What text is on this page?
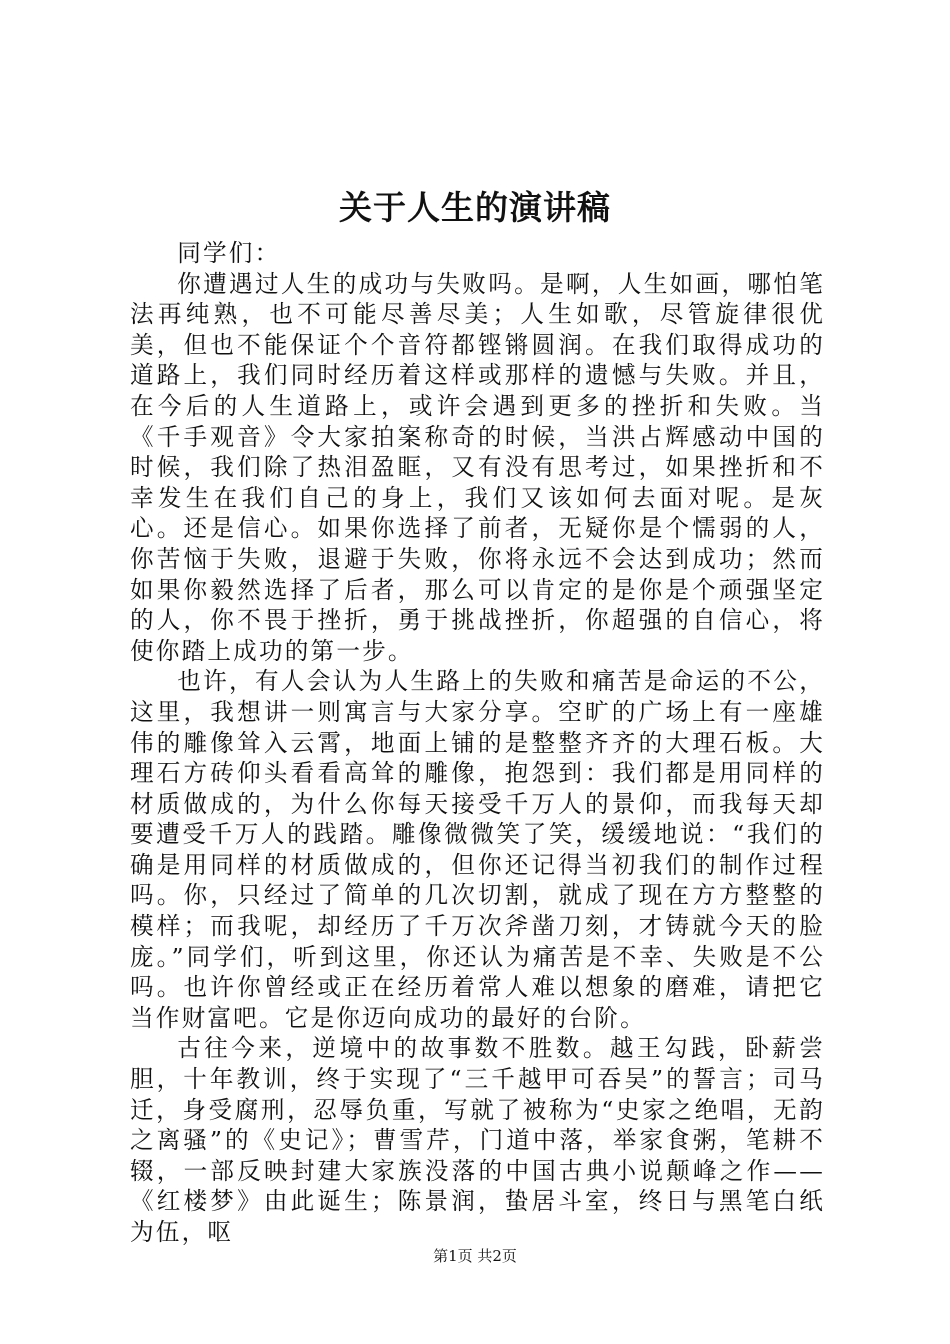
关于人生的演讲稿

同学们：

你遭遇过人生的成功与失败吗。是啊，人生如画，哪怕笔法再纯熟，也不可能尽善尽美；人生如歌，尽管旋律很优美，但也不能保证个个音符都铿锵圆润。在我们取得成功的道路上，我们同时经历着这样或那样的遗憾与失败。并且，在今后的人生道路上，或许会遇到更多的挫折和失败。当《千手观音》令大家拍案称奇的时候，当洪占辉感动中国的时候，我们除了热泪盈眶，又有没有思考过，如果挫折和不幸发生在我们自己的身上，我们又该如何去面对呢。是灰心。还是信心。如果你选择了前者，无疑你是个懦弱的人，你苦恼于失败，退避于失败，你将永远不会达到成功；然而如果你毅然选择了后者，那么可以肯定的是你是个顽强坚定的人，你不畏于挫折，勇于挑战挫折，你超强的自信心，将使你踏上成功的第一步。

也许，有人会认为人生路上的失败和痛苦是命运的不公，这里，我想讲一则寓言与大家分享。空旷的广场上有一座雄伟的雕像耸入云霄，地面上铺的是整整齐齐的大理石板。大理石方砖仰头看看高耸的雕像，抱怨到：我们都是用同样的材质做成的，为什么你每天接受千万人的景仰，而我每天却要遭受千万人的践踏。雕像微微笑了笑，缓缓地说：“我们的确是用同样的材质做成的，但你还记得当初我们的制作过程吗。你，只经过了简单的几次切割，就成了现在方方整整的模样；而我呢，却经历了千万次斧凿刀刻，才铸就今天的脸庞。”同学们，听到这里，你还认为痛苦是不幸、失败是不公吗。也许你曾经或正在经历着常人难以想象的磨难，请把它当作财富吧。它是你迈向成功的最好的台阶。

古往今来，逆境中的故事数不胜数。越王勾践，卧薪尝胆，十年教训，终于实现了“三千越甲可吞吴”的誓言；司马迁，身受腐刑，忍辱负重，写就了被称为“史家之绝唱，无韵之离骚”的《史记》；曹雪芹，门道中落，举家食粥，笔耕不辍，一部反映封建大家族没落的中国古典小说颠峰之作——《红楼梦》由此诞生；陈景润，蛰居斗室，终日与黑笔白纸为伍，呕

第1页 共2页
